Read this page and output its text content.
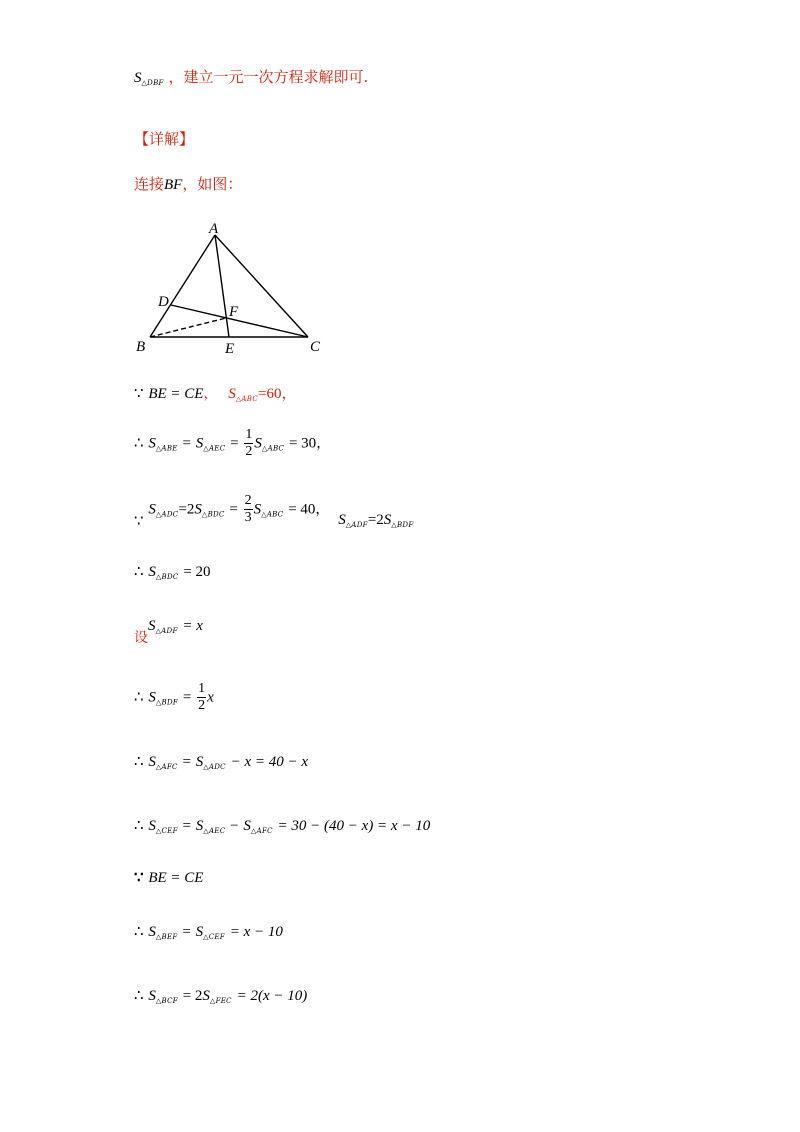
$S_{\triangle DBF}$ ，建立一元一次方程求解即可.
【详解】
连接BF，如图：
A
D
F
B	E	C
∵ BE = CE， $S_{\triangle ABC}=60$，
∴ $S_{\triangle ABE} = S_{\triangle AEC} = \frac{1}{2} S_{\triangle ABC} = 30$，
∵ $S_{\triangle ADC}=2S_{\triangle BDC} = \frac{2}{3} S_{\triangle ABC} = 40$， $S_{\triangle ADF}=2S_{\triangle BDF}$
∴ $S_{\triangle BDC} = 20$
设$S_{\triangle ADF} = x$
∴ $S_{\triangle BDF} = \frac{1}{2}$ x
∴ $S_{\triangle AFC} = S_{\triangle ADC} - x = 40 - x$
∴ $S_{\triangle CEF} = S_{\triangle AEC} - S_{\triangle AFC} = 30 - (40 - x) = x - 10$
∵ BE = CE
∴ $S_{\triangle BEF} = S_{\triangle CEF} = x - 10$
∴ $S_{\triangle BCF} = 2S_{\triangle FEC} = 2(x - 10)$
